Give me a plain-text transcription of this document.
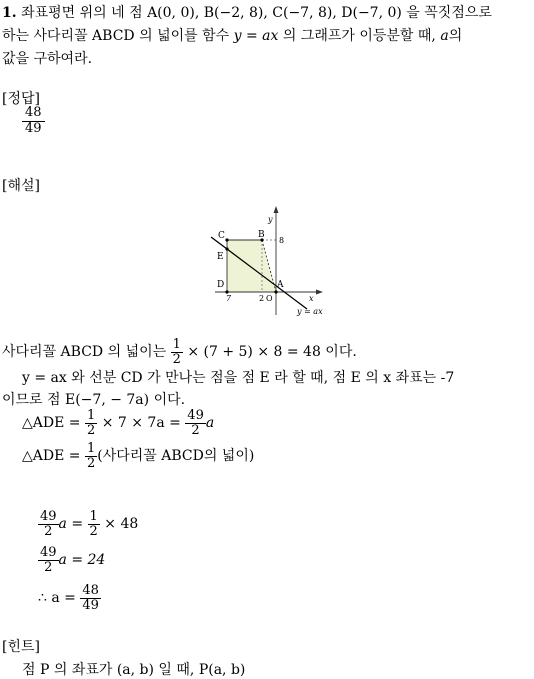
1. 좌표평면 위의 네 점 A(0, 0), B(−2, 8), C(−7, 8), D(−7, 0) 을 꼭짓점으로
하는 사다리꼴 ABCD 의 넓이를 함수 y = ax 의 그래프가 이등분할 때, a의
값을 구하여라.
[정답]
$\frac{48}{49}$
[해설]
C	B
E
D	A
y
x
8
2 O
7
y = ax
사다리꼴 ABCD 의 넓이는 $\frac{1}{2} \times (7 + 5) \times 8 = 48$ 이다.
y = ax 와 선분 CD 가 만나는 점을 점 E 라 할 때, 점 E 의 x 좌표는 -7
이므로 점 E(−7, − 7a) 이다.
△ADE = $\frac{1}{2} \times 7 \times 7a = \frac{49}{2}$ a
△ADE = $\frac{1}{2}$ (사다리꼴 ABCD의 넓이)
$\frac{49}{2}$ $a = \frac{1}{2} \times 48$
$\frac{49}{2}$ a = 24
∴ $a = \frac{48}{49}$
[힌트]
점 P 의 좌표가 (a, b) 일 때, P(a, b)
